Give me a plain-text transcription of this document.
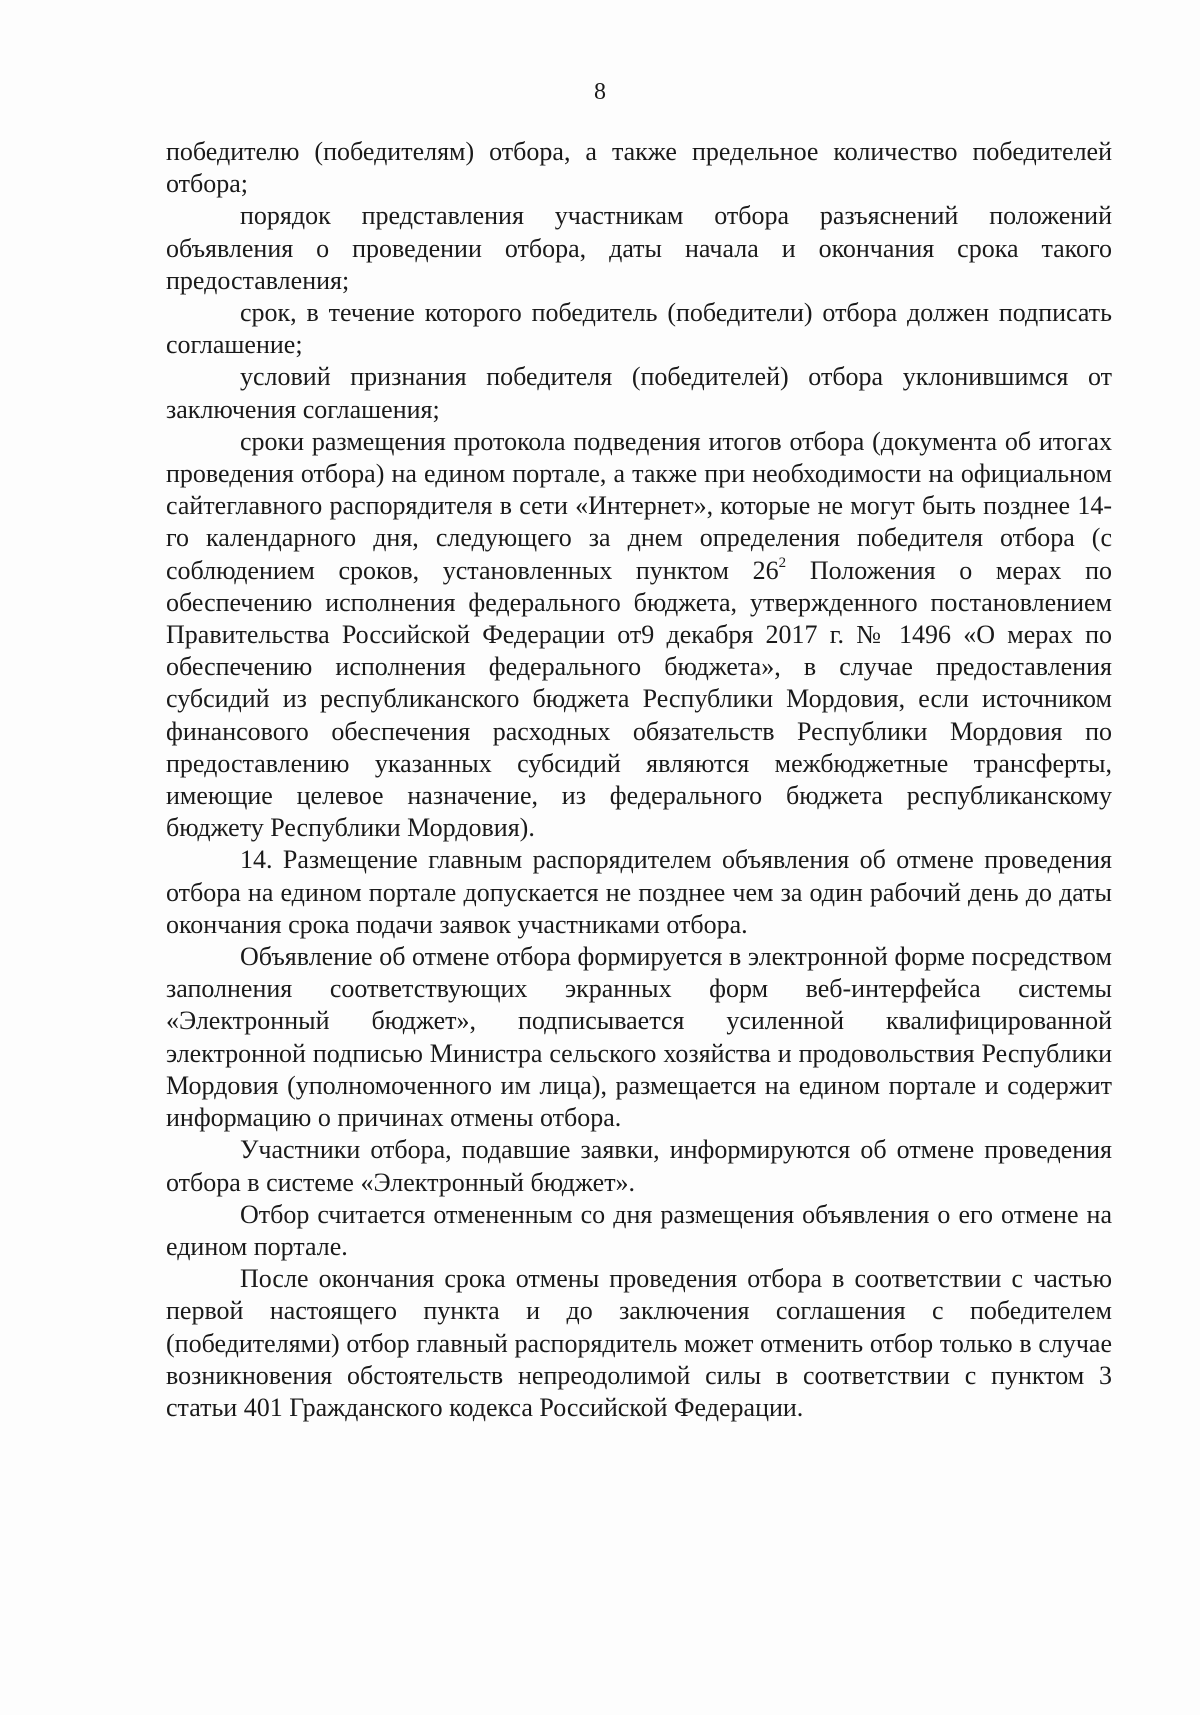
8

победителю (победителям) отбора, а также предельное количество победителей отбора;

порядок представления участникам отбора разъяснений положений объявления о проведении отбора, даты начала и окончания срока такого предоставления;

срок, в течение которого победитель (победители) отбора должен подписать соглашение;

условий признания победителя (победителей) отбора уклонившимся от заключения соглашения;

сроки размещения протокола подведения итогов отбора (документа об итогах проведения отбора) на едином портале, а также при необходимости на официальном сайтеглавного распорядителя в сети «Интернет», которые не могут быть позднее 14-го календарного дня, следующего за днем определения победителя отбора (с соблюдением сроков, установленных пунктом $26^2$ Положения о мерах по обеспечению исполнения федерального бюджета, утвержденного постановлением Правительства Российской Федерации от9 декабря 2017 г. № 1496 «О мерах по обеспечению исполнения федерального бюджета», в случае предоставления субсидий из республиканского бюджета Республики Мордовия, если источником финансового обеспечения расходных обязательств Республики Мордовия по предоставлению указанных субсидий являются межбюджетные трансферты, имеющие целевое назначение, из федерального бюджета республиканскому бюджету Республики Мордовия).

14. Размещение главным распорядителем объявления об отмене проведения отбора на едином портале допускается не позднее чем за один рабочий день до даты окончания срока подачи заявок участниками отбора.

Объявление об отмене отбора формируется в электронной форме посредством заполнения соответствующих экранных форм веб-интерфейса системы «Электронный бюджет», подписывается усиленной квалифицированной электронной подписью Министра сельского хозяйства и продовольствия Республики Мордовия (уполномоченного им лица), размещается на едином портале и содержит информацию о причинах отмены отбора.

Участники отбора, подавшие заявки, информируются об отмене проведения отбора в системе «Электронный бюджет».

Отбор считается отмененным со дня размещения объявления о его отмене на едином портале.

После окончания срока отмены проведения отбора в соответствии с частью первой настоящего пункта и до заключения соглашения с победителем (победителями) отбор главный распорядитель может отменить отбор только в случае возникновения обстоятельств непреодолимой силы в соответствии с пунктом 3 статьи 401 Гражданского кодекса Российской Федерации.
